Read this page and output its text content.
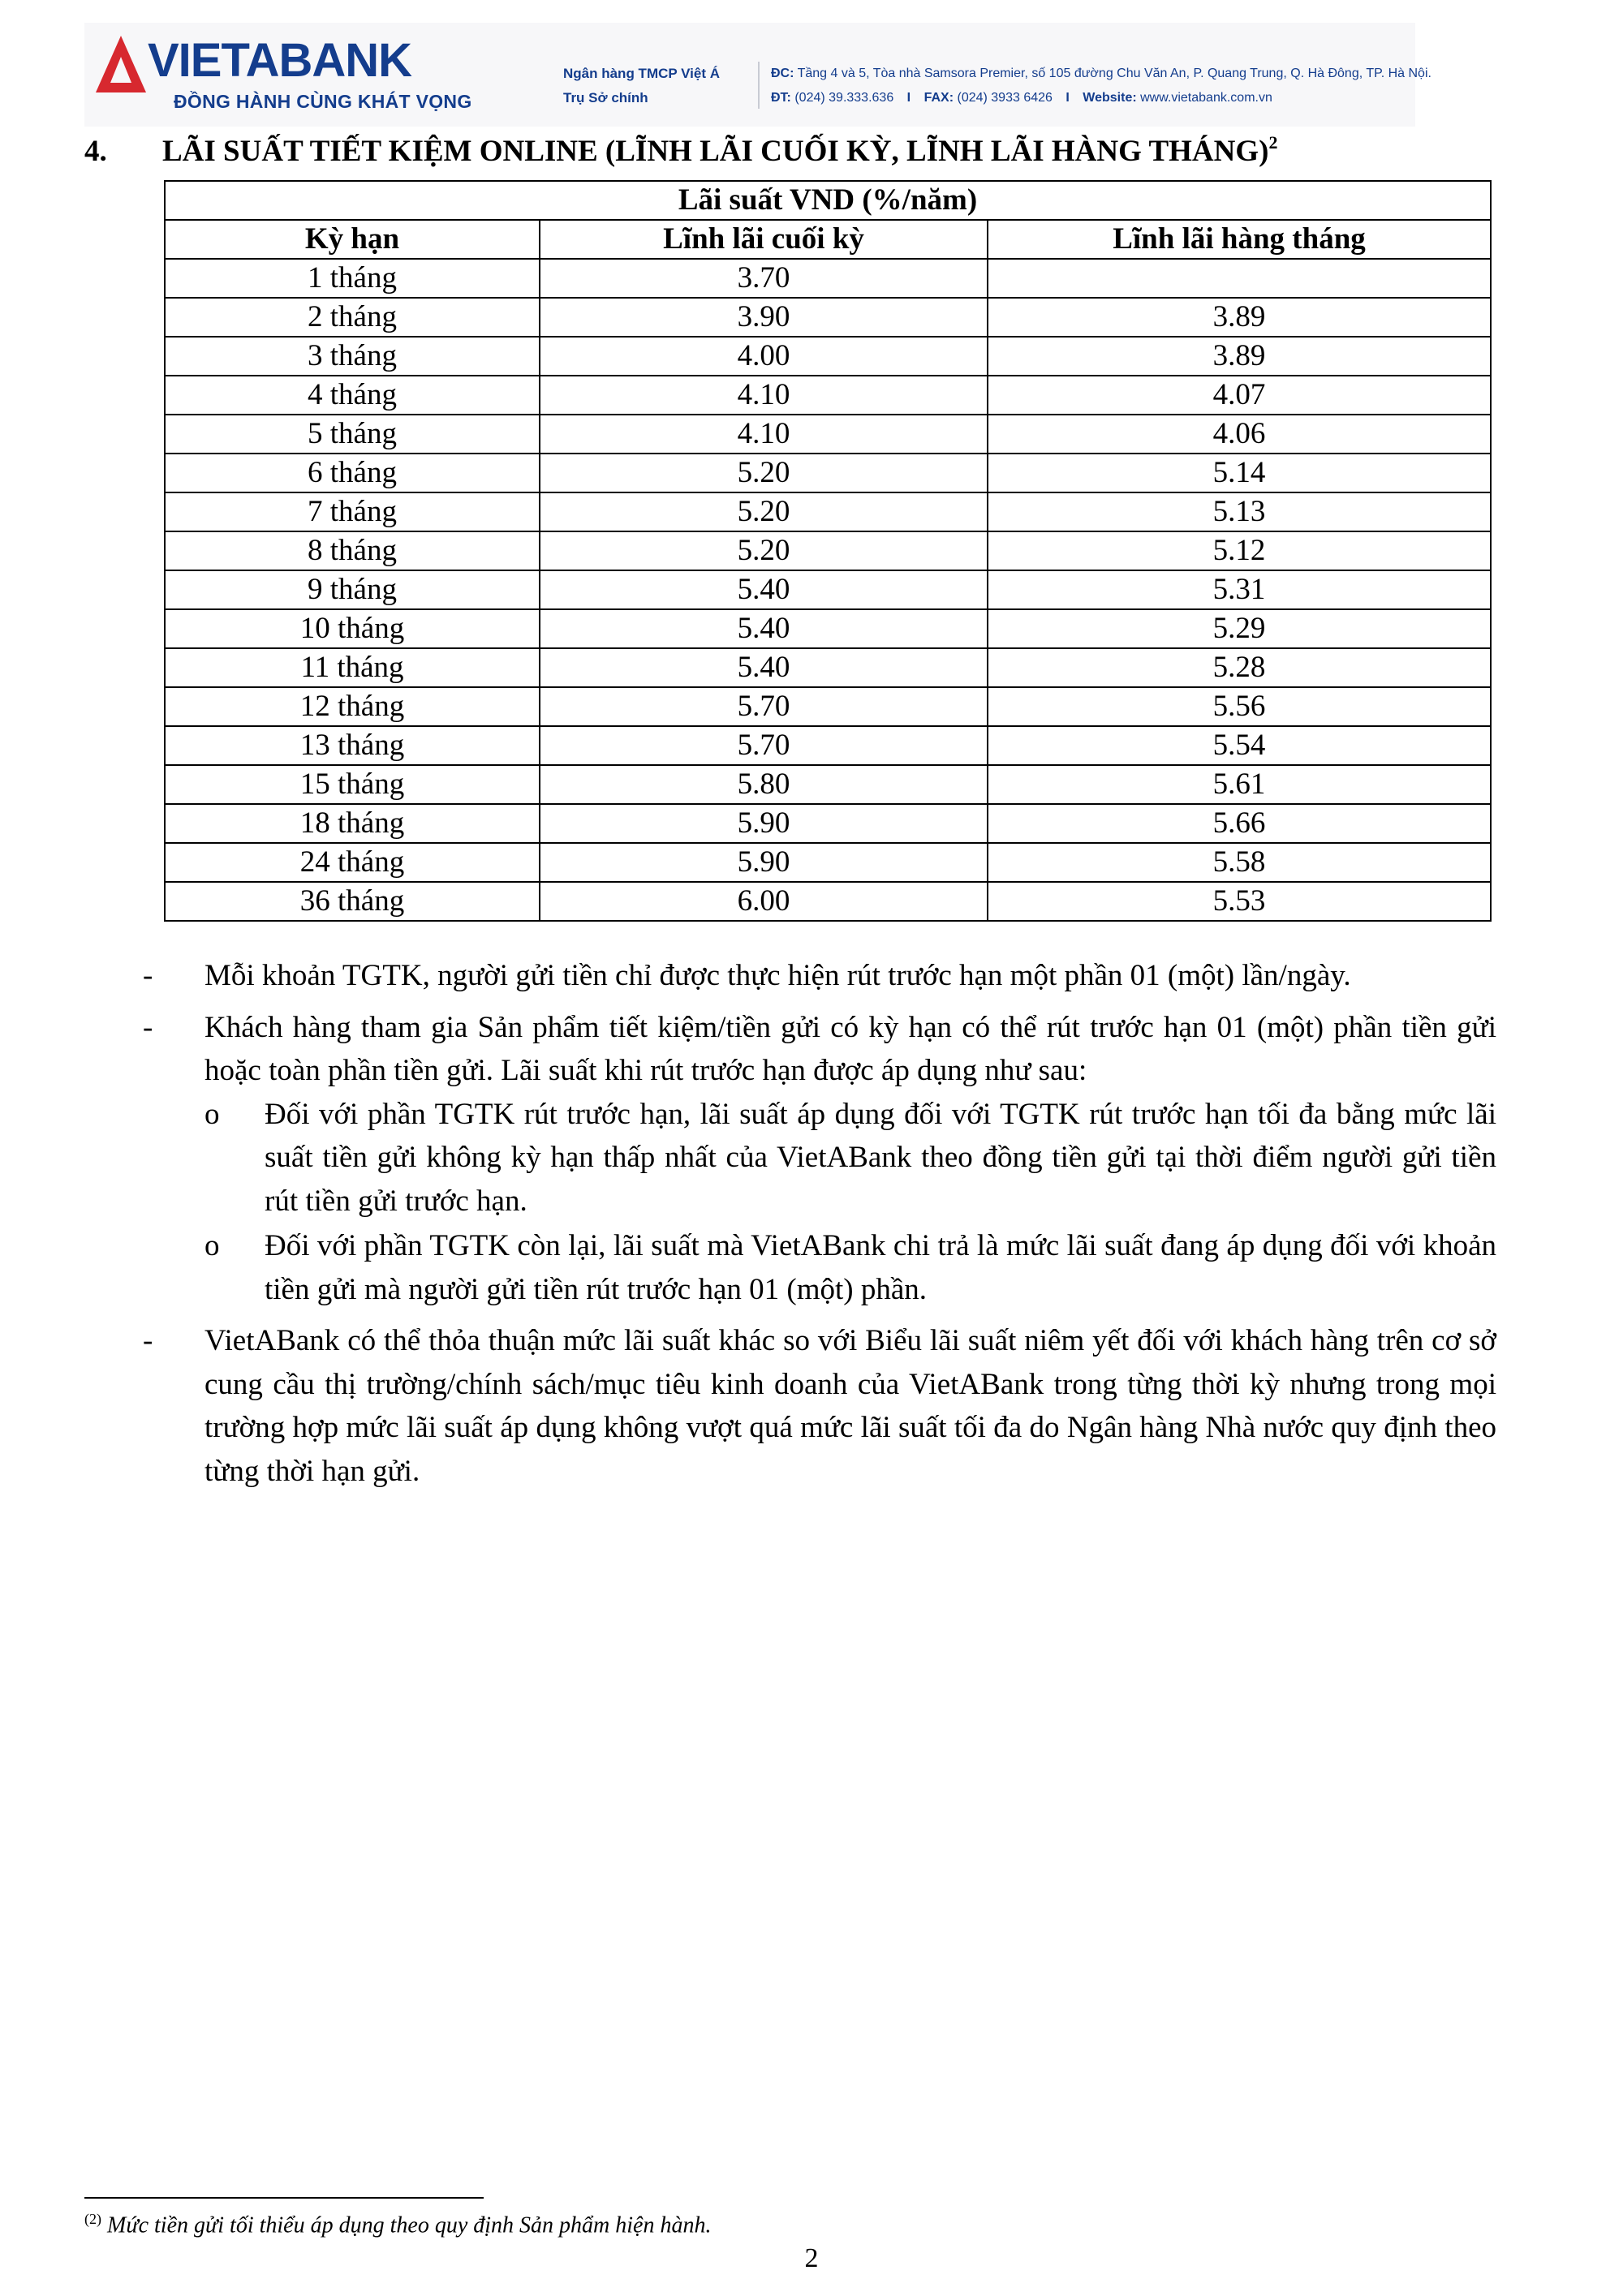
VIETABANK
ĐỒNG HÀNH CÙNG KHÁT VỌNG
Ngân hàng TMCP Việt Á
Trụ Sở chính
ĐC: Tầng 4 và 5, Tòa nhà Samsora Premier, số 105 đường Chu Văn An, P. Quang Trung, Q. Hà Đông, TP. Hà Nội.
ĐT: (024) 39.333.636 I FAX: (024) 3933 6426 I Website: www.vietabank.com.vn
4. LÃI SUẤT TIẾT KIỆM ONLINE (LĨNH LÃI CUỐI KỲ, LĨNH LÃI HÀNG THÁNG)$^2$
Lãi suất VND (%/năm)		
Kỳ hạn	Lĩnh lãi cuối kỳ	Lĩnh lãi hàng tháng
1 tháng	3.70	
2 tháng	3.90	3.89
3 tháng	4.00	3.89
4 tháng	4.10	4.07
5 tháng	4.10	4.06
6 tháng	5.20	5.14
7 tháng	5.20	5.13
8 tháng	5.20	5.12
9 tháng	5.40	5.31
10 tháng	5.40	5.29
11 tháng	5.40	5.28
12 tháng	5.70	5.56
13 tháng	5.70	5.54
15 tháng	5.80	5.61
18 tháng	5.90	5.66
24 tháng	5.90	5.58
36 tháng	6.00	5.53
- Mỗi khoản TGTK, người gửi tiền chỉ được thực hiện rút trước hạn một phần 01 (một) lần/ngày.
- Khách hàng tham gia Sản phẩm tiết kiệm/tiền gửi có kỳ hạn có thể rút trước hạn 01 (một) phần tiền gửi hoặc toàn phần tiền gửi. Lãi suất khi rút trước hạn được áp dụng như sau:
o Đối với phần TGTK rút trước hạn, lãi suất áp dụng đối với TGTK rút trước hạn tối đa bằng mức lãi suất tiền gửi không kỳ hạn thấp nhất của VietABank theo đồng tiền gửi tại thời điểm người gửi tiền rút tiền gửi trước hạn.
o Đối với phần TGTK còn lại, lãi suất mà VietABank chi trả là mức lãi suất đang áp dụng đối với khoản tiền gửi mà người gửi tiền rút trước hạn 01 (một) phần.
- VietABank có thể thỏa thuận mức lãi suất khác so với Biểu lãi suất niêm yết đối với khách hàng trên cơ sở cung cầu thị trường/chính sách/mục tiêu kinh doanh của VietABank trong từng thời kỳ nhưng trong mọi trường hợp mức lãi suất áp dụng không vượt quá mức lãi suất tối đa do Ngân hàng Nhà nước quy định theo từng thời hạn gửi.
$^{(2)}$ Mức tiền gửi tối thiểu áp dụng theo quy định Sản phẩm hiện hành.
2
